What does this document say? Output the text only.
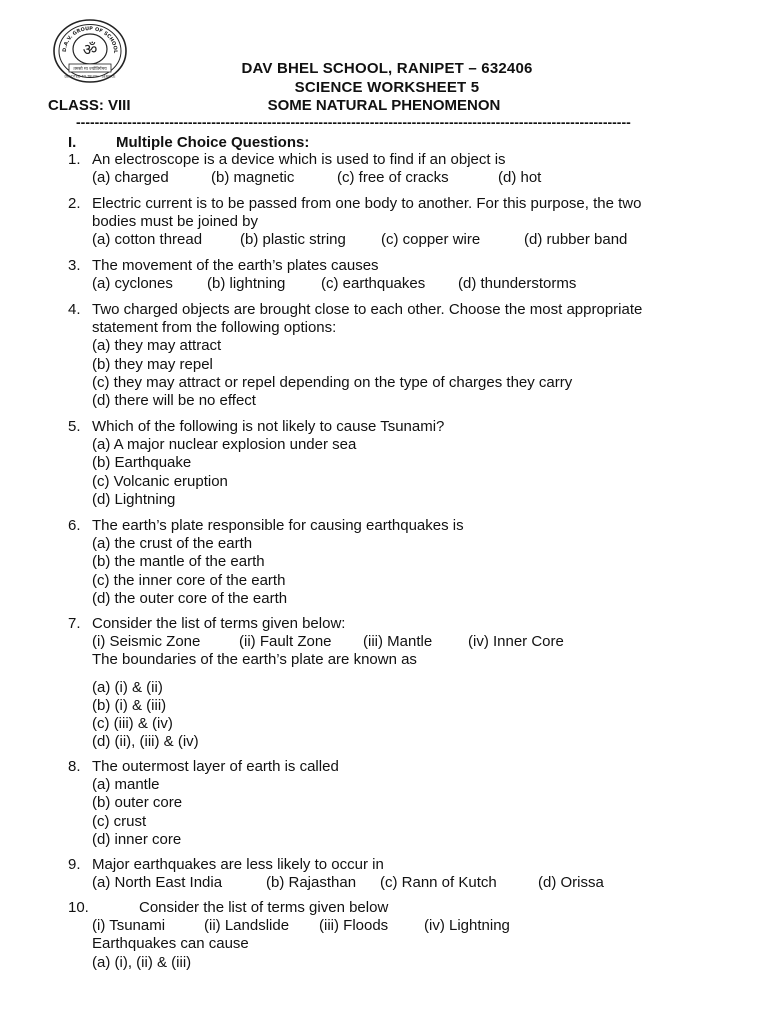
D.A.V. GROUP OF SCHOOL
ॐ
तमसो मा ज्योतिर्गमय
DEVOTED TO TRUTH · SERVICE	DAV BHEL SCHOOL, RANIPET – 632406
SCIENCE WORKSHEET 5
CLASS: VIII	SOME NATURAL PHENOMENON
-----------------------------------------------------------------------------------------------------------------------
I.	Multiple Choice Questions:
1. An electroscope is a device which is used to find if an object is
(a) charged	(b) magnetic	(c) free of cracks	(d) hot
2. Electric current is to be passed from one body to another. For this purpose, the two
bodies must be joined by
(a) cotton thread	(b) plastic string (c) copper wire	(d) rubber band
3. The movement of the earth’s plates causes
(a) cyclones (b) lightning (c) earthquakes (d) thunderstorms
4. Two charged objects are brought close to each other. Choose the most appropriate
statement from the following options:
(a) they may attract
(b) they may repel
(c) they may attract or repel depending on the type of charges they carry
(d) there will be no effect
5. Which of the following is not likely to cause Tsunami?
(a) A major nuclear explosion under sea
(b) Earthquake
(c) Volcanic eruption
(d) Lightning
6. The earth’s plate responsible for causing earthquakes is
(a) the crust of the earth
(b) the mantle of the earth
(c) the inner core of the earth
(d) the outer core of the earth
7. Consider the list of terms given below:
(i) Seismic Zone	(ii) Fault Zone (iii) Mantle (iv) Inner Core
The boundaries of the earth’s plate are known as
(a) (i) & (ii)
(b) (i) & (iii)
(c) (iii) & (iv)
(d) (ii), (iii) & (iv)
8. The outermost layer of earth is called
(a) mantle
(b) outer core
(c) crust
(d) inner core
9. Major earthquakes are less likely to occur in
(a) North East India	(b) Rajasthan (c) Rann of Kutch	(d) Orissa
10.	Consider the list of terms given below
(i) Tsunami	(ii) Landslide (iii) Floods (iv) Lightning
Earthquakes can cause
(a) (i), (ii) & (iii)
